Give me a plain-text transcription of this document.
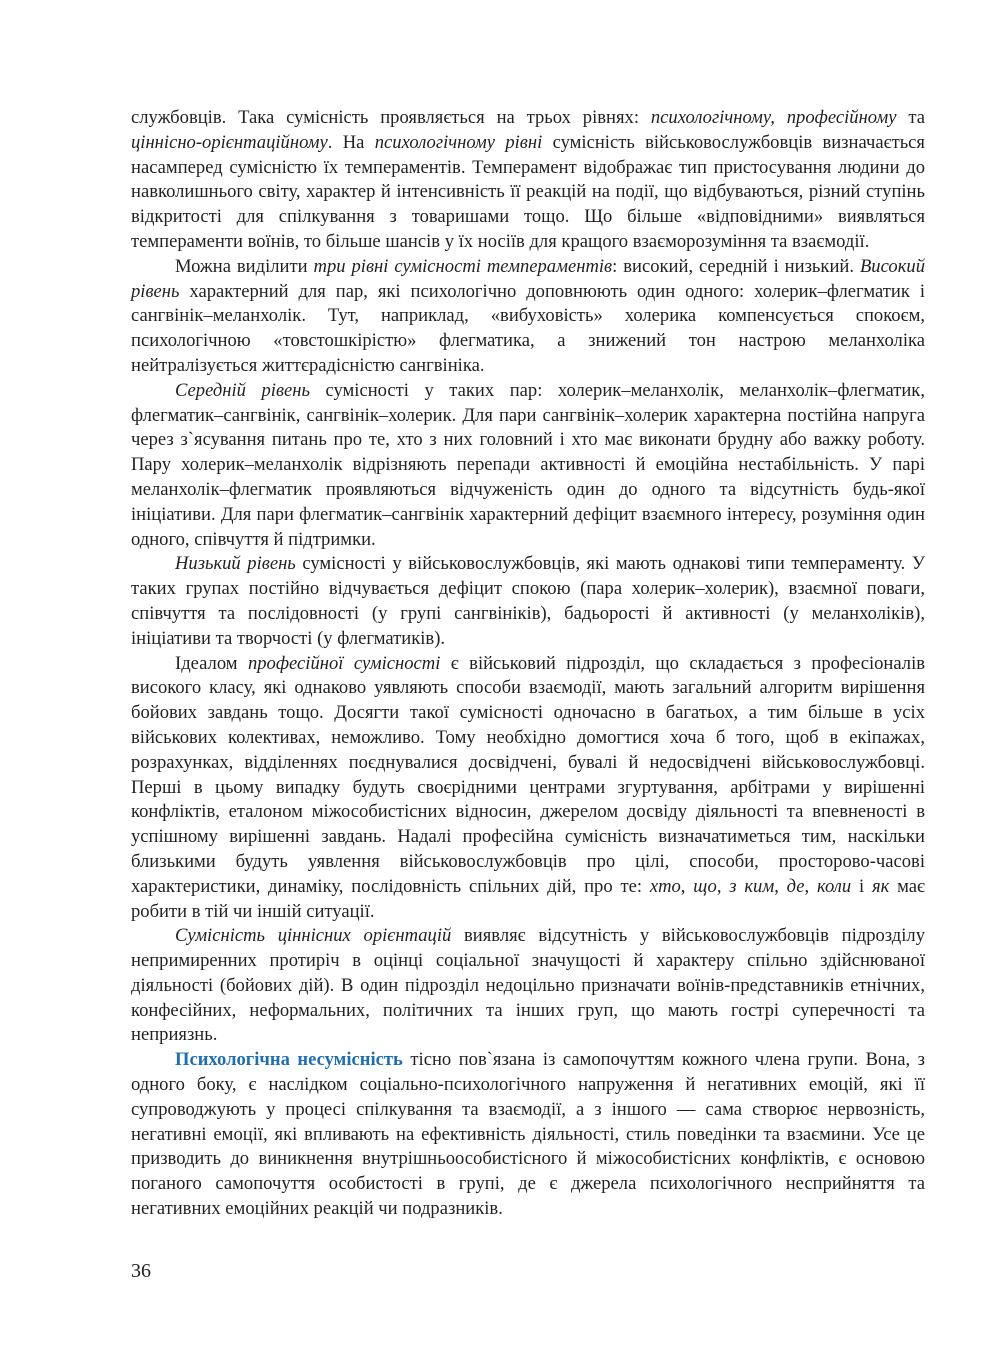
службовців. Така сумісність проявляється на трьох рівнях: психологічному, професійному та ціннісно-орієнтаційному. На психологічному рівні сумісність військовослужбовців визначається насамперед сумісністю їх темпераментів. Темперамент відображає тип пристосування людини до навколишнього світу, характер й інтенсивність її реакцій на події, що відбуваються, різний ступінь відкритості для спілкування з товаришами тощо. Що більше «відповідними» виявляться темпераменти воїнів, то більше шансів у їх носіїв для кращого взаєморозуміння та взаємодії.

Можна виділити три рівні сумісності темпераментів: високий, середній і низький. Високий рівень характерний для пар, які психологічно доповнюють один одного: холерик–флегматик і сангвінік–меланхолік. Тут, наприклад, «вибуховість» холерика компенсується спокоєм, психологічною «товстошкірістю» флегматика, а знижений тон настрою меланхоліка нейтралізується життєрадісністю сангвініка.

Середній рівень сумісності у таких пар: холерик–меланхолік, меланхолік–флегматик, флегматик–сангвінік, сангвінік–холерик. Для пари сангвінік–холерик характерна постійна напруга через з`ясування питань про те, хто з них головний і хто має виконати брудну або важку роботу. Пару холерик–меланхолік відрізняють перепади активності й емоційна нестабільність. У парі меланхолік–флегматик проявляються відчуженість один до одного та відсутність будь-якої ініціативи. Для пари флегматик–сангвінік характерний дефіцит взаємного інтересу, розуміння один одного, співчуття й підтримки.

Низький рівень сумісності у військовослужбовців, які мають однакові типи темпераменту. У таких групах постійно відчувається дефіцит спокою (пара холерик–холерик), взаємної поваги, співчуття та послідовності (у групі сангвініків), бадьорості й активності (у меланхоліків), ініціативи та творчості (у флегматиків).

Ідеалом професійної сумісності є військовий підрозділ, що складається з професіоналів високого класу, які однаково уявляють способи взаємодії, мають загальний алгоритм вирішення бойових завдань тощо. Досягти такої сумісності одночасно в багатьох, а тим більше в усіх військових колективах, неможливо. Тому необхідно домогтися хоча б того, щоб в екіпажах, розрахунках, відділеннях поєднувалися досвідчені, бувалі й недосвідчені військовослужбовці. Перші в цьому випадку будуть своєрідними центрами згуртування, арбітрами у вирішенні конфліктів, еталоном міжособистісних відносин, джерелом досвіду діяльності та впевненості в успішному вирішенні завдань. Надалі професійна сумісність визначатиметься тим, наскільки близькими будуть уявлення військовослужбовців про цілі, способи, просторово-часові характеристики, динаміку, послідовність спільних дій, про те: хто, що, з ким, де, коли і як має робити в тій чи іншій ситуації.

Сумісність ціннісних орієнтацій виявляє відсутність у військовослужбовців підрозділу непримиренних протиріч в оцінці соціальної значущості й характеру спільно здійснюваної діяльності (бойових дій). В один підрозділ недоцільно призначати воїнів-представників етнічних, конфесійних, неформальних, політичних та інших груп, що мають гострі суперечності та неприязнь.

Психологічна несумісність тісно пов`язана із самопочуттям кожного члена групи. Вона, з одного боку, є наслідком соціально-психологічного напруження й негативних емоцій, які її супроводжують у процесі спілкування та взаємодії, а з іншого — сама створює нервозність, негативні емоції, які впливають на ефективність діяльності, стиль поведінки та взаємини. Усе це призводить до виникнення внутрішньоособистісного й міжособистісних конфліктів, є основою поганого самопочуття особистості в групі, де є джерела психологічного несприйняття та негативних емоційних реакцій чи подразників.

36
